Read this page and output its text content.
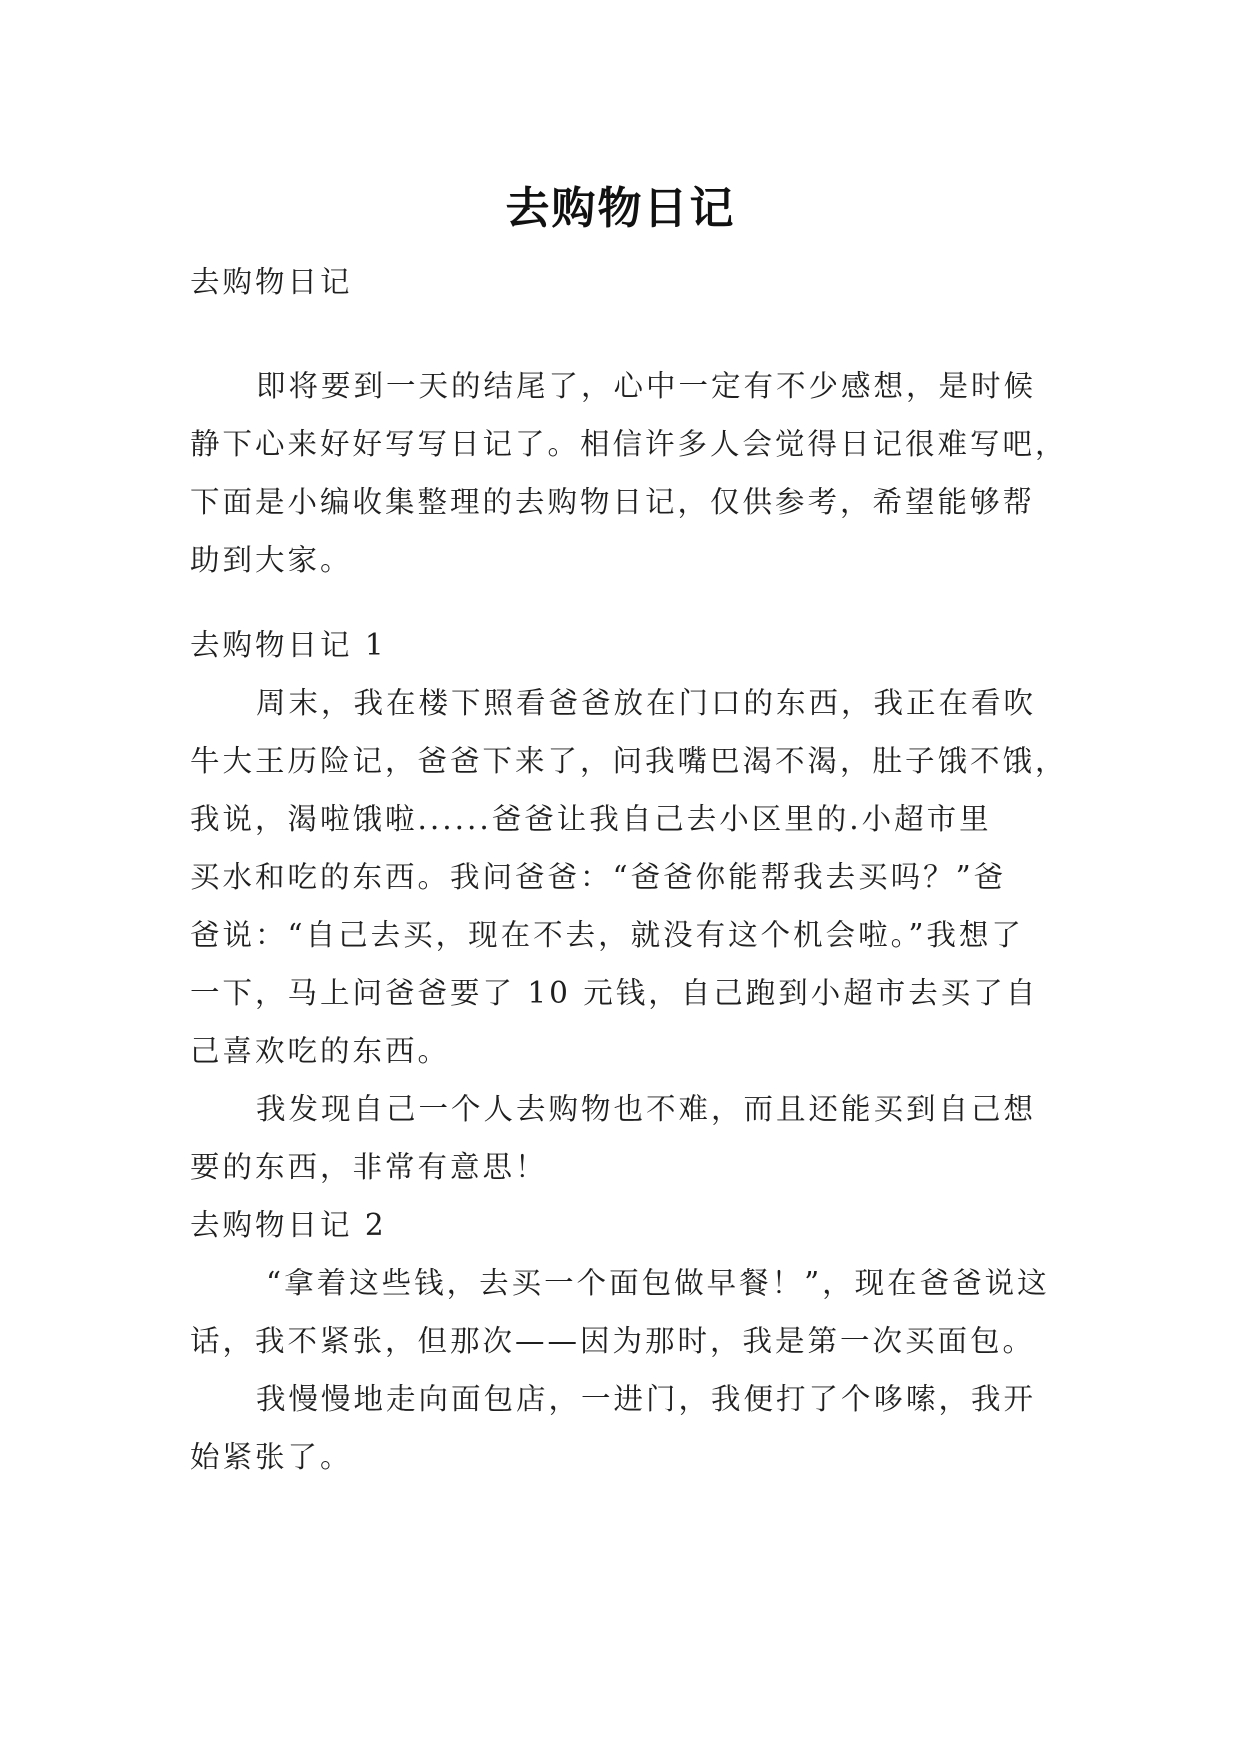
去购物日记
去购物日记
即将要到一天的结尾了，心中一定有不少感想，是时候
静下心来好好写写日记了。相信许多人会觉得日记很难写吧，
下面是小编收集整理的去购物日记，仅供参考，希望能够帮
助到大家。
去购物日记 1
周末，我在楼下照看爸爸放在门口的东西，我正在看吹
牛大王历险记，爸爸下来了，问我嘴巴渴不渴，肚子饿不饿，
我说，渴啦饿啦......爸爸让我自己去小区里的.小超市里
买水和吃的东西。我问爸爸：“爸爸你能帮我去买吗？”爸
爸说：“自己去买，现在不去，就没有这个机会啦。”我想了
一下，马上问爸爸要了 10 元钱，自己跑到小超市去买了自
己喜欢吃的东西。
我发现自己一个人去购物也不难，而且还能买到自己想
要的东西，非常有意思！
去购物日记 2
“拿着这些钱，去买一个面包做早餐！”，现在爸爸说这
话，我不紧张，但那次——因为那时，我是第一次买面包。
我慢慢地走向面包店，一进门，我便打了个哆嗦，我开
始紧张了。
